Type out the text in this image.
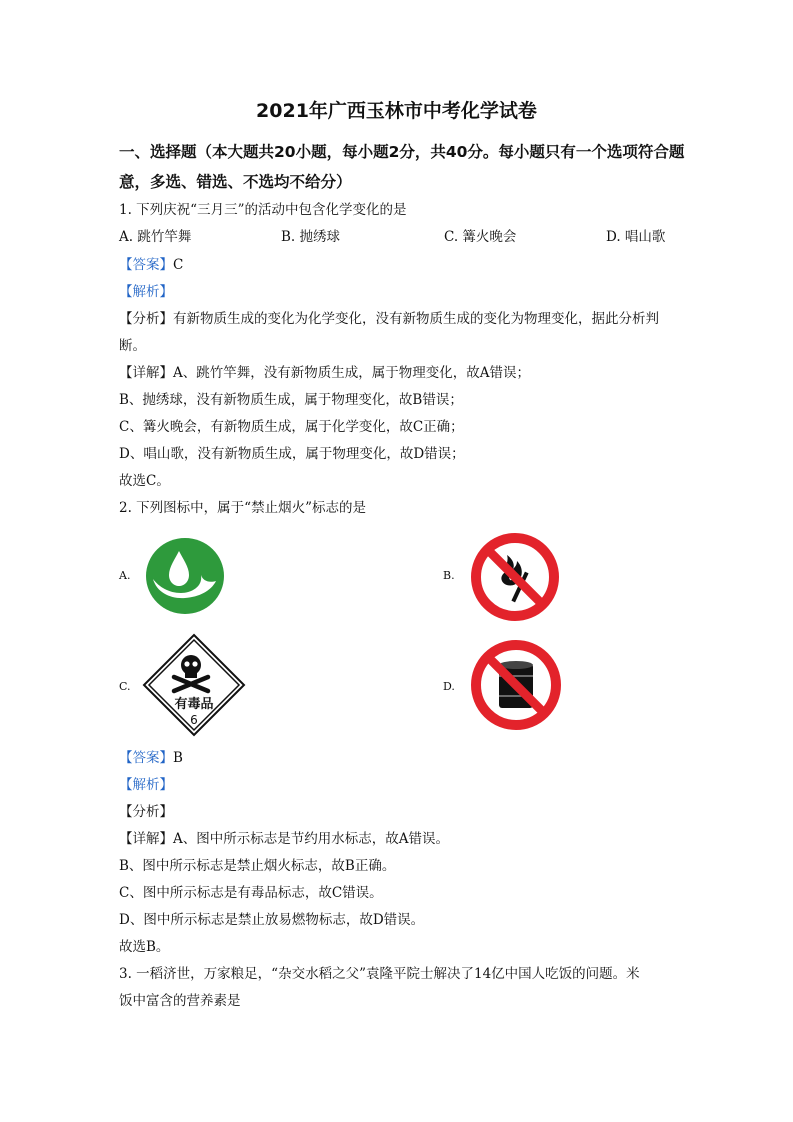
2021年广西玉林市中考化学试卷
一、选择题（本大题共20小题，每小题2分，共40分。每小题只有一个选项符合题意，多选、错选、不选均不给分）
1. 下列庆祝“三月三”的活动中包含化学变化的是
A. 跳竹竿舞	B. 抛绣球	C. 篝火晚会	D. 唱山歌
【答案】C
【解析】
【分析】有新物质生成的变化为化学变化，没有新物质生成的变化为物理变化，据此分析判
断。
【详解】A、跳竹竿舞，没有新物质生成，属于物理变化，故A错误；
B、抛绣球，没有新物质生成，属于物理变化，故B错误；
C、篝火晚会，有新物质生成，属于化学变化，故C正确；
D、唱山歌，没有新物质生成，属于物理变化，故D错误；
故选C。
2. 下列图标中，属于“禁止烟火”标志的是
A.	B.
C.
有毒品
6
D.
【答案】B
【解析】
【分析】
【详解】A、图中所示标志是节约用水标志，故A错误。
B、图中所示标志是禁止烟火标志，故B正确。
C、图中所示标志是有毒品标志，故C错误。
D、图中所示标志是禁止放易燃物标志，故D错误。
故选B。
3. 一稻济世，万家粮足，“杂交水稻之父”袁隆平院士解决了14亿中国人吃饭的问题。米
饭中富含的营养素是
